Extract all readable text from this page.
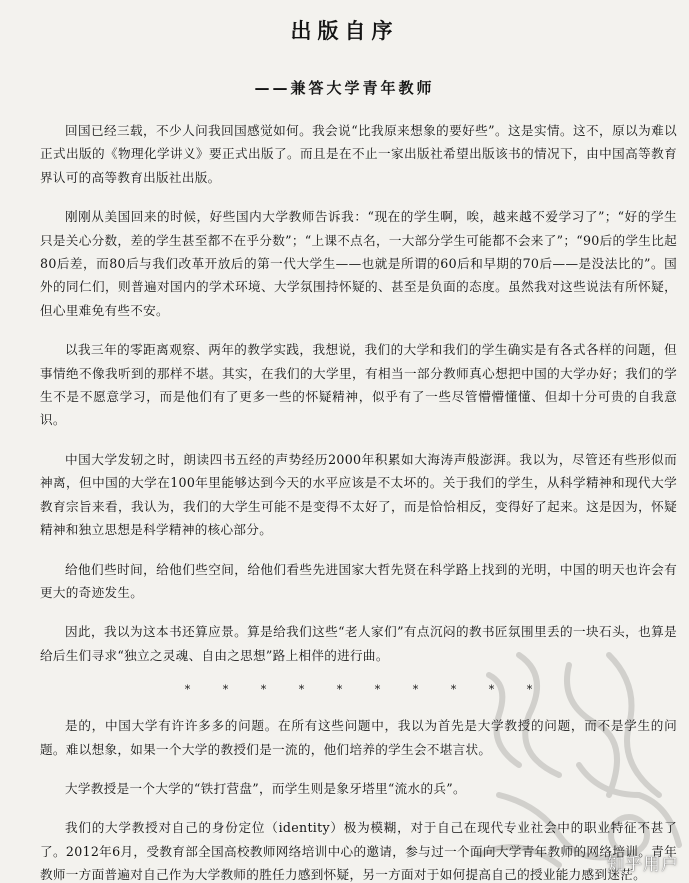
出版自序
——兼答大学青年教师

回国已经三载，不少人问我回国感觉如何。我会说“比我原来想象的要好些”。这是实情。这不，原以为难以正式出版的《物理化学讲义》要正式出版了。而且是在不止一家出版社希望出版该书的情况下，由中国高等教育界认可的高等教育出版社出版。

刚刚从美国回来的时候，好些国内大学教师告诉我：“现在的学生啊，唉，越来越不爱学习了”；“好的学生只是关心分数，差的学生甚至都不在乎分数”；“上课不点名，一大部分学生可能都不会来了”；“90后的学生比起80后差，而80后与我们改革开放后的第一代大学生——也就是所谓的60后和早期的70后——是没法比的”。国外的同仁们，则普遍对国内的学术环境、大学氛围持怀疑的、甚至是负面的态度。虽然我对这些说法有所怀疑，但心里难免有些不安。

以我三年的零距离观察、两年的教学实践，我想说，我们的大学和我们的学生确实是有各式各样的问题，但事情绝不像我听到的那样不堪。其实，在我们的大学里，有相当一部分教师真心想把中国的大学办好；我们的学生不是不愿意学习，而是他们有了更多一些的怀疑精神，似乎有了一些尽管懵懵懂懂、但却十分可贵的自我意识。

中国大学发轫之时，朗读四书五经的声势经历2000年积累如大海涛声般澎湃。我以为，尽管还有些形似而神离，但中国的大学在100年里能够达到今天的水平应该是不太坏的。关于我们的学生，从科学精神和现代大学教育宗旨来看，我认为，我们的大学生可能不是变得不太好了，而是恰恰相反，变得好了起来。这是因为，怀疑精神和独立思想是科学精神的核心部分。

给他们些时间，给他们些空间，给他们看些先进国家大哲先贤在科学路上找到的光明，中国的明天也许会有更大的奇迹发生。

因此，我以为这本书还算应景。算是给我们这些“老人家们”有点沉闷的教书匠氛围里丢的一块石头，也算是给后生们寻求“独立之灵魂、自由之思想”路上相伴的进行曲。

*	*	*	*	*	*	*	*	*	*

是的，中国大学有许许多多的问题。在所有这些问题中，我以为首先是大学教授的问题，而不是学生的问题。难以想象，如果一个大学的教授们是一流的，他们培养的学生会不堪言状。

大学教授是一个大学的“铁打营盘”，而学生则是象牙塔里“流水的兵”。

我们的大学教授对自己的身份定位（identity）极为模糊，对于自己在现代专业社会中的职业特征不甚了了。2012年6月，受教育部全国高校教师网络培训中心的邀请，参与过一个面向大学青年教师的网络培训。青年教师一方面普遍对自己作为大学教师的胜任力感到怀疑，另一方面对于如何提高自己的授业能力感到迷茫。

知乎用户
